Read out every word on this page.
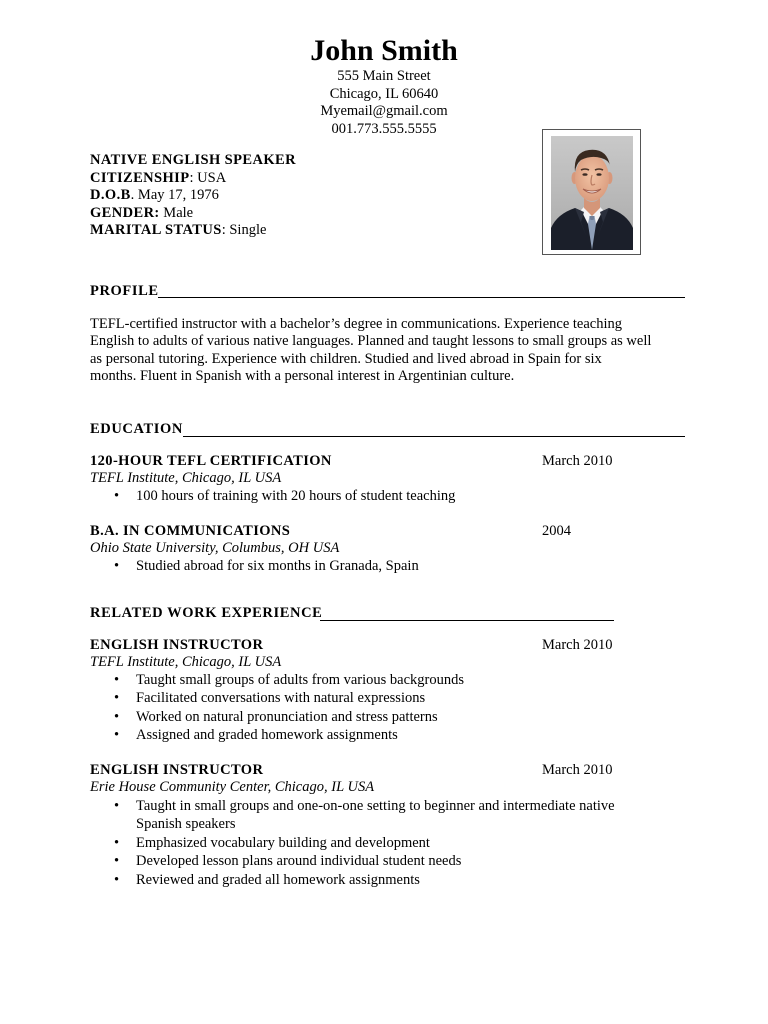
John Smith
555 Main Street
Chicago, IL 60640
Myemail@gmail.com
001.773.555.5555
NATIVE ENGLISH SPEAKER
CITIZENSHIP: USA
D.O.B. May 17, 1976
GENDER: Male
MARITAL STATUS: Single
PROFILE
TEFL-certified instructor with a bachelor’s degree in communications. Experience teaching
English to adults of various native languages. Planned and taught lessons to small groups as well
as personal tutoring. Experience with children. Studied and lived abroad in Spain for six
months. Fluent in Spanish with a personal interest in Argentinian culture.
EDUCATION
120-HOUR TEFL CERTIFICATION	March 2010
TEFL Institute, Chicago, IL USA
• 100 hours of training with 20 hours of student teaching
B.A. IN COMMUNICATIONS	2004
Ohio State University, Columbus, OH USA
• Studied abroad for six months in Granada, Spain
RELATED WORK EXPERIENCE
ENGLISH INSTRUCTOR	March 2010
TEFL Institute, Chicago, IL USA
• Taught small groups of adults from various backgrounds
• Facilitated conversations with natural expressions
• Worked on natural pronunciation and stress patterns
• Assigned and graded homework assignments
ENGLISH INSTRUCTOR	March 2010
Erie House Community Center, Chicago, IL USA
• Taught in small groups and one-on-one setting to beginner and intermediate native
Spanish speakers
• Emphasized vocabulary building and development
• Developed lesson plans around individual student needs
• Reviewed and graded all homework assignments
